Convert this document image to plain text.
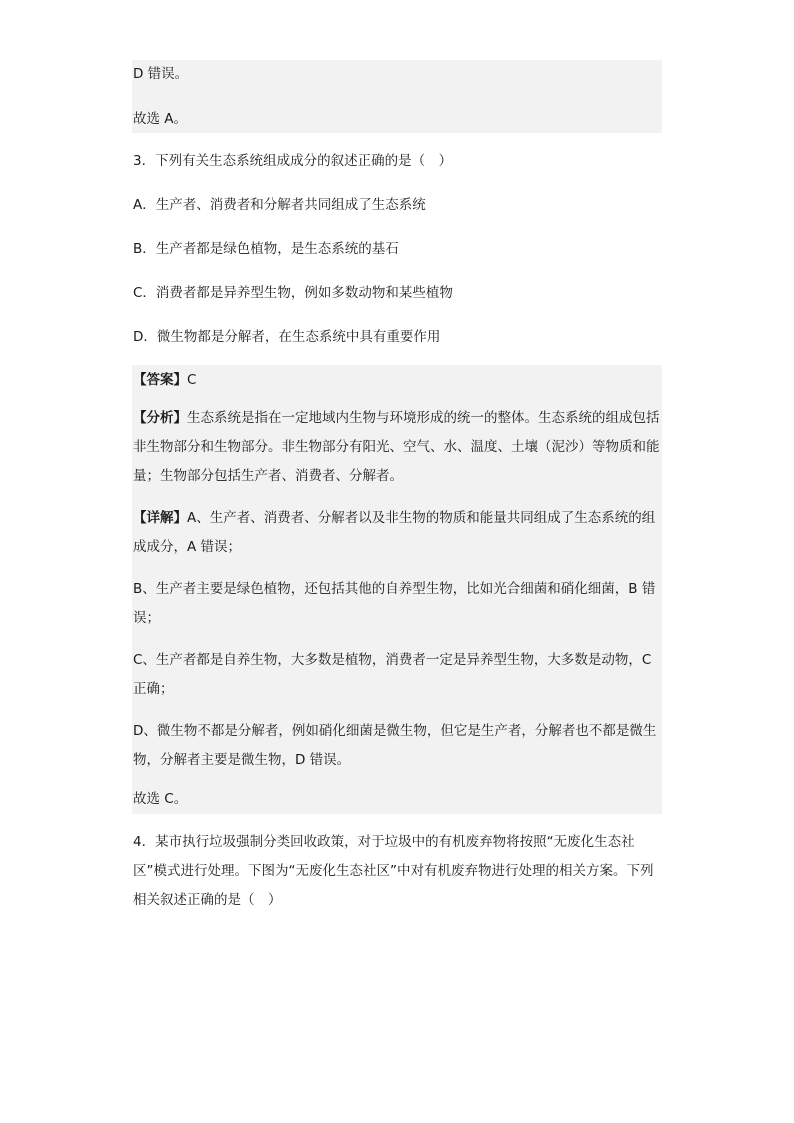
D 错误。

故选 A。

3．下列有关生态系统组成成分的叙述正确的是（　）

A．生产者、消费者和分解者共同组成了生态系统

B．生产者都是绿色植物，是生态系统的基石

C．消费者都是异养型生物，例如多数动物和某些植物

D．微生物都是分解者，在生态系统中具有重要作用

【答案】C

【分析】生态系统是指在一定地域内生物与环境形成的统一的整体。生态系统的组成包括非生物部分和生物部分。非生物部分有阳光、空气、水、温度、土壤（泥沙）等物质和能量；生物部分包括生产者、消费者、分解者。

【详解】A、生产者、消费者、分解者以及非生物的物质和能量共同组成了生态系统的组成成分，A 错误；

B、生产者主要是绿色植物，还包括其他的自养型生物，比如光合细菌和硝化细菌，B 错误；

C、生产者都是自养生物，大多数是植物，消费者一定是异养型生物，大多数是动物，C 正确；

D、微生物不都是分解者，例如硝化细菌是微生物，但它是生产者，分解者也不都是微生物，分解者主要是微生物，D 错误。

故选 C。

4．某市执行垃圾强制分类回收政策，对于垃圾中的有机废弃物将按照“无废化生态社区”模式进行处理。下图为“无废化生态社区”中对有机废弃物进行处理的相关方案。下列相关叙述正确的是（　）
